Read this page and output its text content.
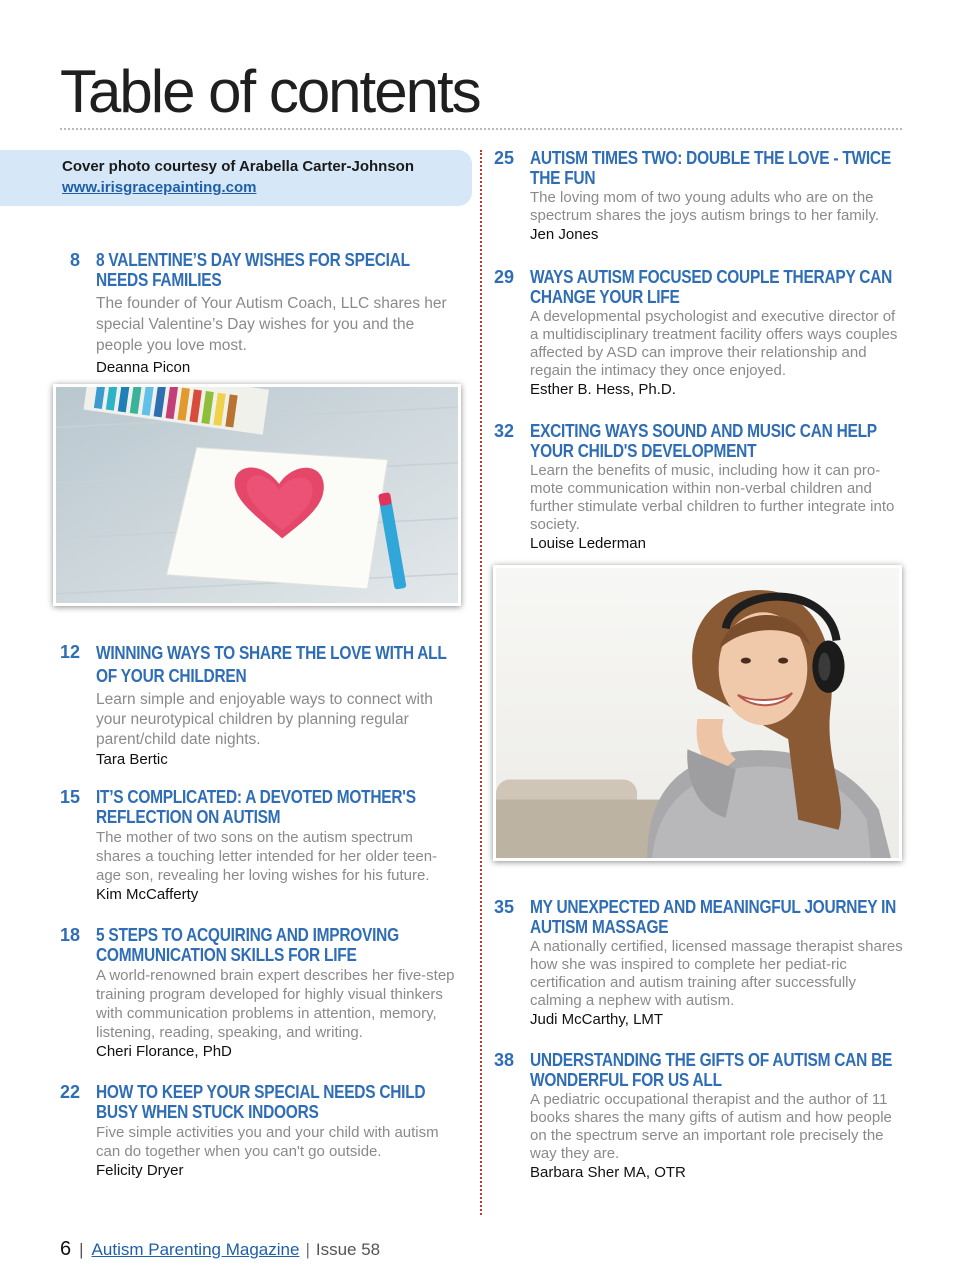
Table of contents
Cover photo courtesy of Arabella Carter-Johnson
www.irisgracepainting.com
8 8 VALENTINE’S DAY WISHES FOR SPECIAL NEEDS FAMILIES
The founder of Your Autism Coach, LLC shares her special Valentine’s Day wishes for you and the people you love most.
Deanna Picon
12 WINNING WAYS TO SHARE THE LOVE WITH ALL OF YOUR CHILDREN
Learn simple and enjoyable ways to connect with your neurotypical children by planning regular parent/child date nights.
Tara Bertic
15 IT’S COMPLICATED: A DEVOTED MOTHER'S REFLECTION ON AUTISM
The mother of two sons on the autism spectrum shares a touching letter intended for her older teen-age son, revealing her loving wishes for his future.
Kim McCafferty
18 5 STEPS TO ACQUIRING AND IMPROVING COMMUNICATION SKILLS FOR LIFE
A world-renowned brain expert describes her five-step training program developed for highly visual thinkers with communication problems in attention, memory, listening, reading, speaking, and writing.
Cheri Florance, PhD
22 HOW TO KEEP YOUR SPECIAL NEEDS CHILD BUSY WHEN STUCK INDOORS
Five simple activities you and your child with autism can do together when you can't go outside.
Felicity Dryer
25 AUTISM TIMES TWO: DOUBLE THE LOVE - TWICE THE FUN
The loving mom of two young adults who are on the spectrum shares the joys autism brings to her family.
Jen Jones
29 WAYS AUTISM FOCUSED COUPLE THERAPY CAN CHANGE YOUR LIFE
A developmental psychologist and executive director of a multidisciplinary treatment facility offers ways couples affected by ASD can improve their relationship and regain the intimacy they once enjoyed.
Esther B. Hess, Ph.D.
32 EXCITING WAYS SOUND AND MUSIC CAN HELP YOUR CHILD'S DEVELOPMENT
Learn the benefits of music, including how it can pro-mote communication within non-verbal children and further stimulate verbal children to further integrate into society.
Louise Lederman
35 MY UNEXPECTED AND MEANINGFUL JOURNEY IN AUTISM MASSAGE
A nationally certified, licensed massage therapist shares how she was inspired to complete her pediat-ric certification and autism training after successfully calming a nephew with autism.
Judi McCarthy, LMT
38 UNDERSTANDING THE GIFTS OF AUTISM CAN BE WONDERFUL FOR US ALL
A pediatric occupational therapist and the author of 11 books shares the many gifts of autism and how people on the spectrum serve an important role precisely the way they are.
Barbara Sher MA, OTR
6 | Autism Parenting Magazine | Issue 58
